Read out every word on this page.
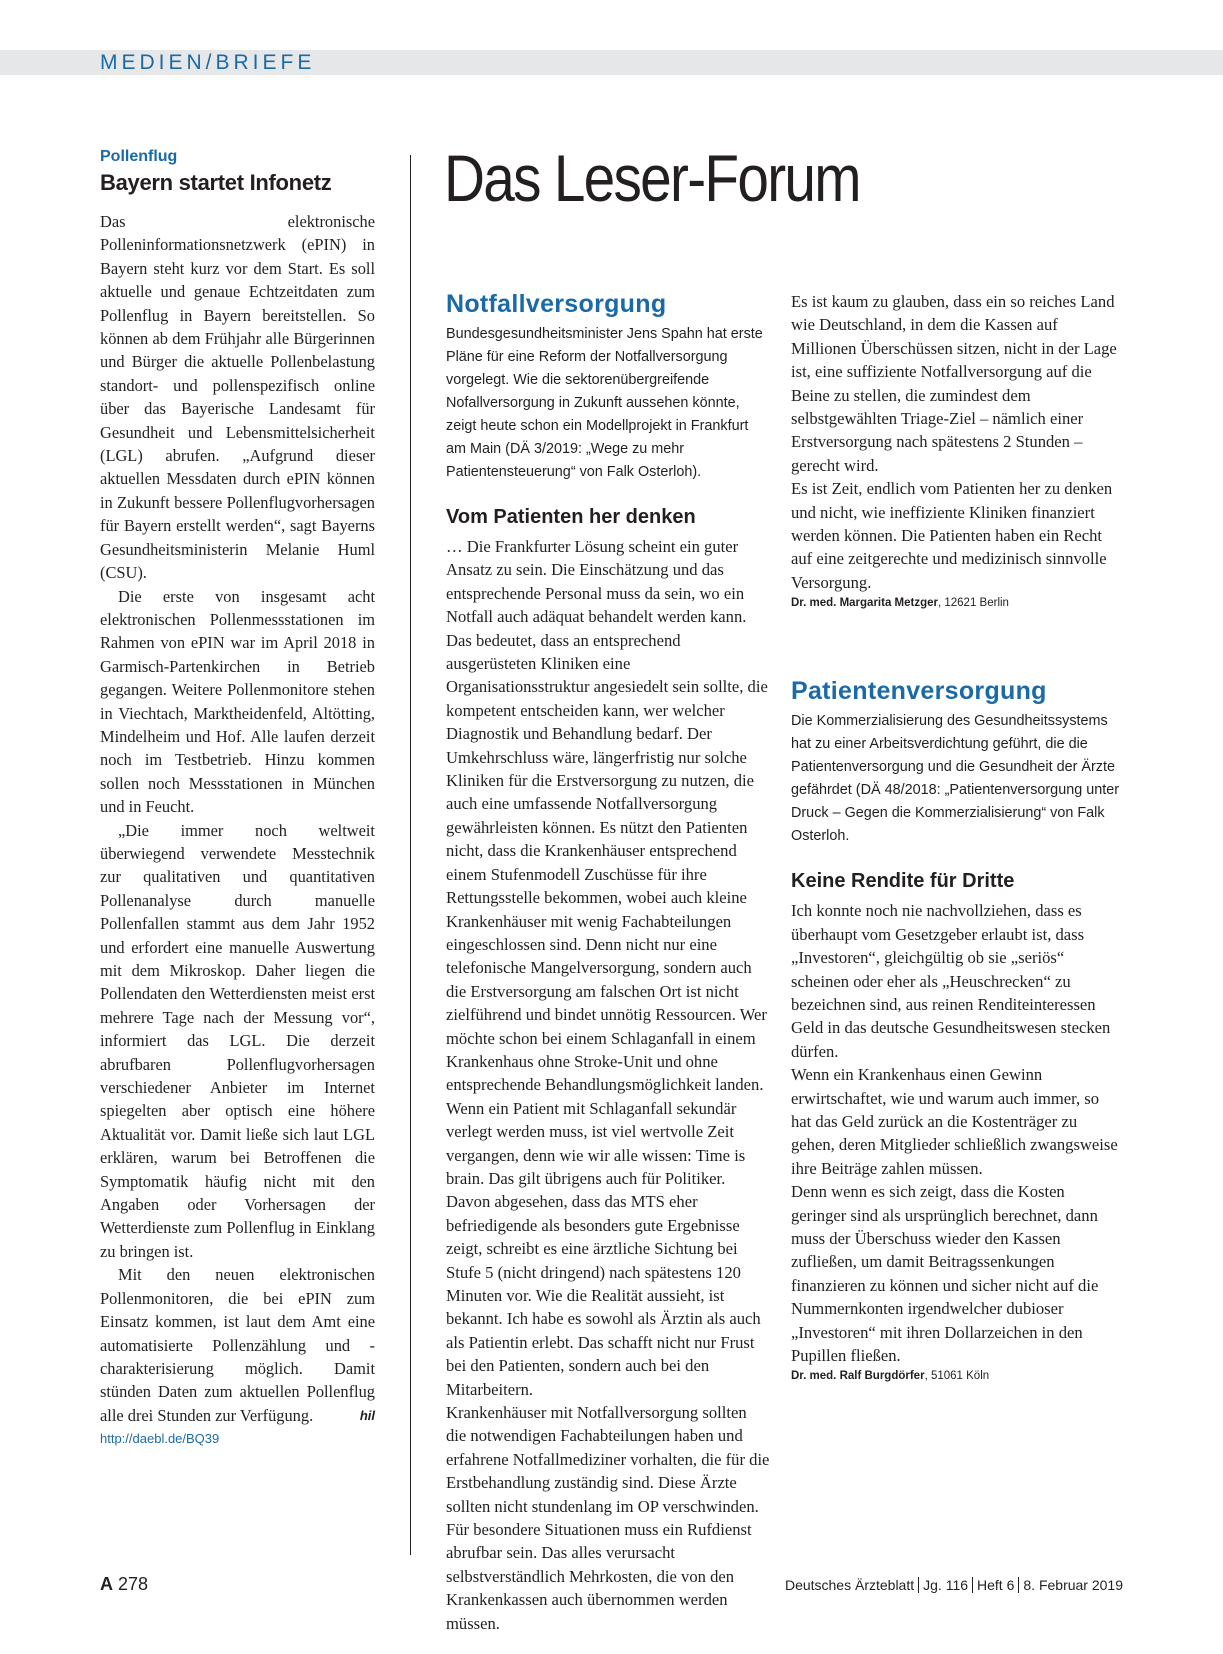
MEDIEN/BRIEFE
Pollenflug
Bayern startet Infonetz

Das elektronische Polleninformationsnetzwerk (ePIN) in Bayern steht kurz vor dem Start. Es soll aktuelle und genaue Echtzeitdaten zum Pollenflug in Bayern bereitstellen. So können ab dem Frühjahr alle Bürgerinnen und Bürger die aktuelle Pollenbelastung standort- und pollenspezifisch online über das Bayerische Landesamt für Gesundheit und Lebensmittelsicherheit (LGL) abrufen. „Aufgrund dieser aktuellen Messdaten durch ePIN können in Zukunft bessere Pollenflugvorhersagen für Bayern erstellt werden“, sagt Bayerns Gesundheitsministerin Melanie Huml (CSU).

Die erste von insgesamt acht elektronischen Pollenmessstationen im Rahmen von ePIN war im April 2018 in Garmisch-Partenkirchen in Betrieb gegangen. Weitere Pollenmonitore stehen in Viechtach, Marktheidenfeld, Altötting, Mindelheim und Hof. Alle laufen derzeit noch im Testbetrieb. Hinzu kommen sollen noch Messstationen in München und in Feucht.

„Die immer noch weltweit überwiegend verwendete Messtechnik zur qualitativen und quantitativen Pollenanalyse durch manuelle Pollenfallen stammt aus dem Jahr 1952 und erfordert eine manuelle Auswertung mit dem Mikroskop. Daher liegen die Pollendaten den Wetterdiensten meist erst mehrere Tage nach der Messung vor“, informiert das LGL. Die derzeit abrufbaren Pollenflugvorhersagen verschiedener Anbieter im Internet spiegelten aber optisch eine höhere Aktualität vor. Damit ließe sich laut LGL erklären, warum bei Betroffenen die Symptomatik häufig nicht mit den Angaben oder Vorhersagen der Wetterdienste zum Pollenflug in Einklang zu bringen ist.

Mit den neuen elektronischen Pollenmonitoren, die bei ePIN zum Einsatz kommen, ist laut dem Amt eine automatisierte Pollenzählung und -charakterisierung möglich. Damit stünden Daten zum aktuellen Pollenflug alle drei Stunden zur Verfügung.	hil

http://daebl.de/BQ39
Das Leser-Forum
Notfallversorgung
Bundesgesundheitsminister Jens Spahn hat erste Pläne für eine Reform der Notfallversorgung vorgelegt. Wie die sektorenübergreifende Nofallversorgung in Zukunft aussehen könnte, zeigt heute schon ein Modellprojekt in Frankfurt am Main (DÄ 3/2019: „Wege zu mehr Patientensteuerung“ von Falk Osterloh).
Vom Patienten her denken

… Die Frankfurter Lösung scheint ein guter Ansatz zu sein. Die Einschätzung und das entsprechende Personal muss da sein, wo ein Notfall auch adäquat behandelt werden kann. Das bedeutet, dass an entsprechend ausgerüsteten Kliniken eine Organisationsstruktur angesiedelt sein sollte, die kompetent entscheiden kann, wer welcher Diagnostik und Behandlung bedarf. Der Umkehrschluss wäre, längerfristig nur solche Kliniken für die Erstversorgung zu nutzen, die auch eine umfassende Notfallversorgung gewährleisten können. Es nützt den Patienten nicht, dass die Krankenhäuser entsprechend einem Stufenmodell Zuschüsse für ihre Rettungsstelle bekommen, wobei auch kleine Krankenhäuser mit wenig Fachabteilungen eingeschlossen sind. Denn nicht nur eine telefonische Mangelversorgung, sondern auch die Erstversorgung am falschen Ort ist nicht zielführend und bindet unnötig Ressourcen. Wer möchte schon bei einem Schlaganfall in einem Krankenhaus ohne Stroke-Unit und ohne entsprechende Behandlungsmöglichkeit landen. Wenn ein Patient mit Schlaganfall sekundär verlegt werden muss, ist viel wertvolle Zeit vergangen, denn wie wir alle wissen: Time is brain. Das gilt übrigens auch für Politiker.

Davon abgesehen, dass das MTS eher befriedigende als besonders gute Ergebnisse zeigt, schreibt es eine ärztliche Sichtung bei Stufe 5 (nicht dringend) nach spätestens 120 Minuten vor. Wie die Realität aussieht, ist bekannt. Ich habe es sowohl als Ärztin als auch als Patientin erlebt. Das schafft nicht nur Frust bei den Patienten, sondern auch bei den Mitarbeitern.

Krankenhäuser mit Notfallversorgung sollten die notwendigen Fachabteilungen haben und erfahrene Notfallmediziner vorhalten, die für die Erstbehandlung zuständig sind. Diese Ärzte sollten nicht stundenlang im OP verschwinden. Für besondere Situationen muss ein Rufdienst abrufbar sein. Das alles verursacht selbstverständlich Mehrkosten, die von den Krankenkassen auch übernommen werden müssen.

Es ist kaum zu glauben, dass ein so reiches Land wie Deutschland, in dem die Kassen auf Millionen Überschüssen sitzen, nicht in der Lage ist, eine suffiziente Notfallversorgung auf die Beine zu stellen, die zumindest dem selbstgewählten Triage-Ziel – nämlich einer Erstversorgung nach spätestens 2 Stunden – gerecht wird.

Es ist Zeit, endlich vom Patienten her zu denken und nicht, wie ineffiziente Kliniken finanziert werden können. Die Patienten haben ein Recht auf eine zeitgerechte und medizinisch sinnvolle Versorgung.

Dr. med. Margarita Metzger, 12621 Berlin
Patientenversorgung
Die Kommerzialisierung des Gesundheitssystems hat zu einer Arbeitsverdichtung geführt, die die Patientenversorgung und die Gesundheit der Ärzte gefährdet (DÄ 48/2018: „Patientenversorgung unter Druck – Gegen die Kommerzialisierung“ von Falk Osterloh.
Keine Rendite für Dritte

Ich konnte noch nie nachvollziehen, dass es überhaupt vom Gesetzgeber erlaubt ist, dass „Investoren“, gleichgültig ob sie „seriös“ scheinen oder eher als „Heuschrecken“ zu bezeichnen sind, aus reinen Renditeinteressen Geld in das deutsche Gesundheitswesen stecken dürfen.

Wenn ein Krankenhaus einen Gewinn erwirtschaftet, wie und warum auch immer, so hat das Geld zurück an die Kostenträger zu gehen, deren Mitglieder schließlich zwangsweise ihre Beiträge zahlen müssen.

Denn wenn es sich zeigt, dass die Kosten geringer sind als ursprünglich berechnet, dann muss der Überschuss wieder den Kassen zufließen, um damit Beitragssenkungen finanzieren zu können und sicher nicht auf die Nummernkonten irgendwelcher dubioser „Investoren“ mit ihren Dollarzeichen in den Pupillen fließen.

Dr. med. Ralf Burgdörfer, 51061 Köln
A 278	Deutsches Ärzteblatt Jg. 116 Heft 6 8. Februar 2019
